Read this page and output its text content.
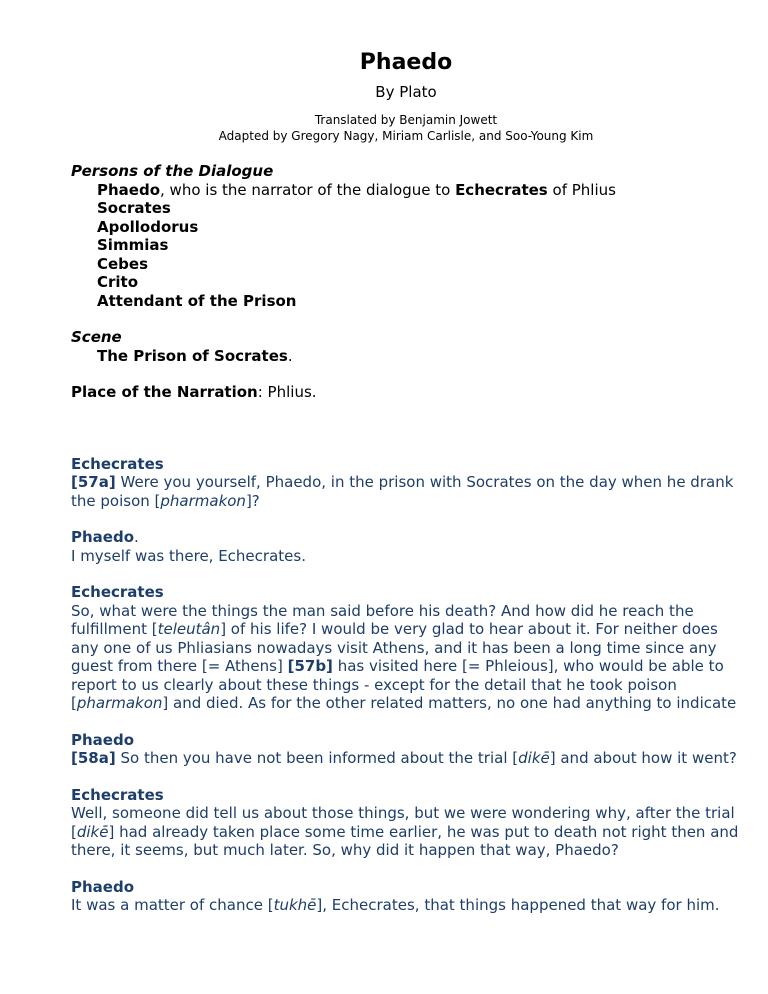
Phaedo
By Plato
Translated by Benjamin Jowett
Adapted by Gregory Nagy, Miriam Carlisle, and Soo-Young Kim
Persons of the Dialogue
Phaedo, who is the narrator of the dialogue to Echecrates of Phlius
Socrates
Apollodorus
Simmias
Cebes
Crito
Attendant of the Prison
Scene
The Prison of Socrates.
Place of the Narration: Phlius.
Echecrates
[57a] Were you yourself, Phaedo, in the prison with Socrates on the day when he drank the poison [pharmakon]?
Phaedo.
I myself was there, Echecrates.
Echecrates
So, what were the things the man said before his death? And how did he reach the fulfillment [teleutân] of his life? I would be very glad to hear about it. For neither does any one of us Phliasians nowadays visit Athens, and it has been a long time since any guest from there [= Athens] [57b] has visited here [= Phleious], who would be able to report to us clearly about these things - except for the detail that he took poison [pharmakon] and died. As for the other related matters, no one had anything to indicate
Phaedo
[58a] So then you have not been informed about the trial [dikē] and about how it went?
Echecrates
Well, someone did tell us about those things, but we were wondering why, after the trial [dikē] had already taken place some time earlier, he was put to death not right then and there, it seems, but much later. So, why did it happen that way, Phaedo?
Phaedo
It was a matter of chance [tukhē], Echecrates, that things happened that way for him.
